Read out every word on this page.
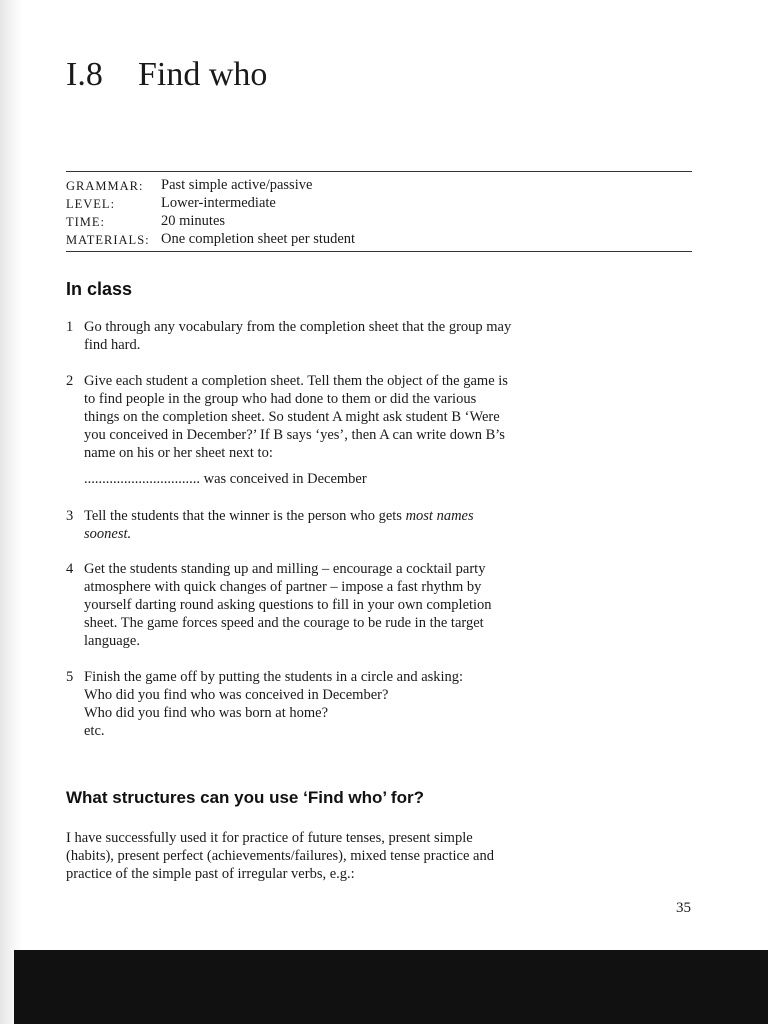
I.8 Find who
GRAMMAR: Past simple active/passive
LEVEL:	Lower-intermediate
TIME:	20 minutes
MATERIALS: One completion sheet per student
In class
1 Go through any vocabulary from the completion sheet that the group may

find hard.

2 Give each student a completion sheet. Tell them the object of the game is

to find people in the group who had done to them or did the various

things on the completion sheet. So student A might ask student B ‘Were

you conceived in December?’ If B says ‘yes’, then A can write down B’s

name on his or her sheet next to:

................................ was conceived in December
3 Tell the students that the winner is the person who gets most names

soonest.

4 Get the students standing up and milling – encourage a cocktail party

atmosphere with quick changes of partner – impose a fast rhythm by

yourself darting round asking questions to fill in your own completion

sheet. The game forces speed and the courage to be rude in the target

language.

5 Finish the game off by putting the students in a circle and asking:

Who did you find who was conceived in December?

Who did you find who was born at home?

etc.

What structures can you use ‘Find who’ for?
I have successfully used it for practice of future tenses, present simple
(habits), present perfect (achievements/failures), mixed tense practice and
practice of the simple past of irregular verbs, e.g.:
35
